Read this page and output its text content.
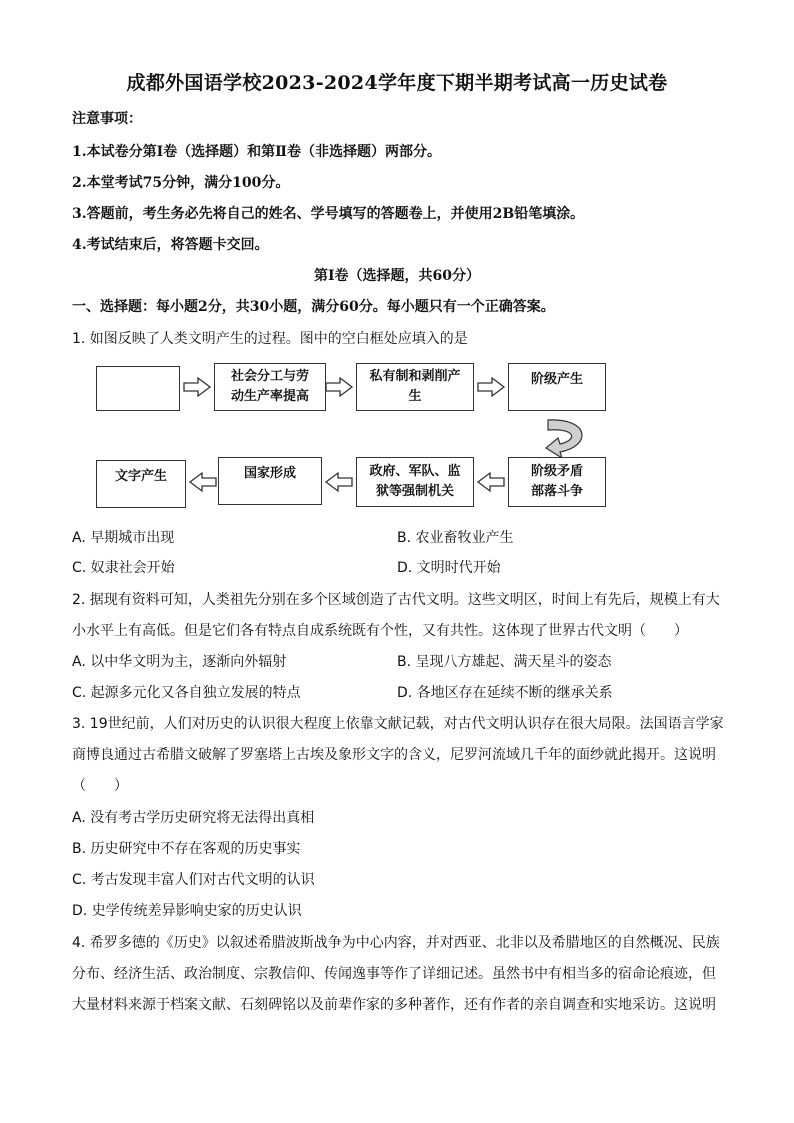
成都外国语学校2023-2024学年度下期半期考试高一历史试卷
注意事项：
1.本试卷分第Ⅰ卷（选择题）和第Ⅱ卷（非选择题）两部分。
2.本堂考试75分钟，满分100分。
3.答题前，考生务必先将自己的姓名、学号填写的答题卷上，并使用2B铅笔填涂。
4.考试结束后，将答题卡交回。
第Ⅰ卷（选择题，共60分）
一、选择题：每小题2分，共30小题，满分60分。每小题只有一个正确答案。
1. 如图反映了人类文明产生的过程。图中的空白框处应填入的是
社会分工与劳
动生产率提高
私有制和剥削产
生
阶级产生
阶级矛盾
部落斗争
政府、军队、监
狱等强制机关
国家形成
文字产生
A. 早期城市出现	B. 农业畜牧业产生
C. 奴隶社会开始	D. 文明时代开始
2. 据现有资料可知，人类祖先分别在多个区域创造了古代文明。这些文明区，时间上有先后，规模上有大
小水平上有高低。但是它们各有特点自成系统既有个性，又有共性。这体现了世界古代文明（　　）
A. 以中华文明为主，逐渐向外辐射	B. 呈现八方雄起、满天星斗的姿态
C. 起源多元化又各自独立发展的特点	D. 各地区存在延续不断的继承关系
3. 19世纪前，人们对历史的认识很大程度上依靠文献记载，对古代文明认识存在很大局限。法国语言学家
商博良通过古希腊文破解了罗塞塔上古埃及象形文字的含义，尼罗河流域几千年的面纱就此揭开。这说明
（　　）
A. 没有考古学历史研究将无法得出真相
B. 历史研究中不存在客观的历史事实
C. 考古发现丰富人们对古代文明的认识
D. 史学传统差异影响史家的历史认识
4. 希罗多德的《历史》以叙述希腊波斯战争为中心内容，并对西亚、北非以及希腊地区的自然概况、民族
分布、经济生活、政治制度、宗教信仰、传闻逸事等作了详细记述。虽然书中有相当多的宿命论痕迹，但
大量材料来源于档案文献、石刻碑铭以及前辈作家的多种著作，还有作者的亲自调查和实地采访。这说明
